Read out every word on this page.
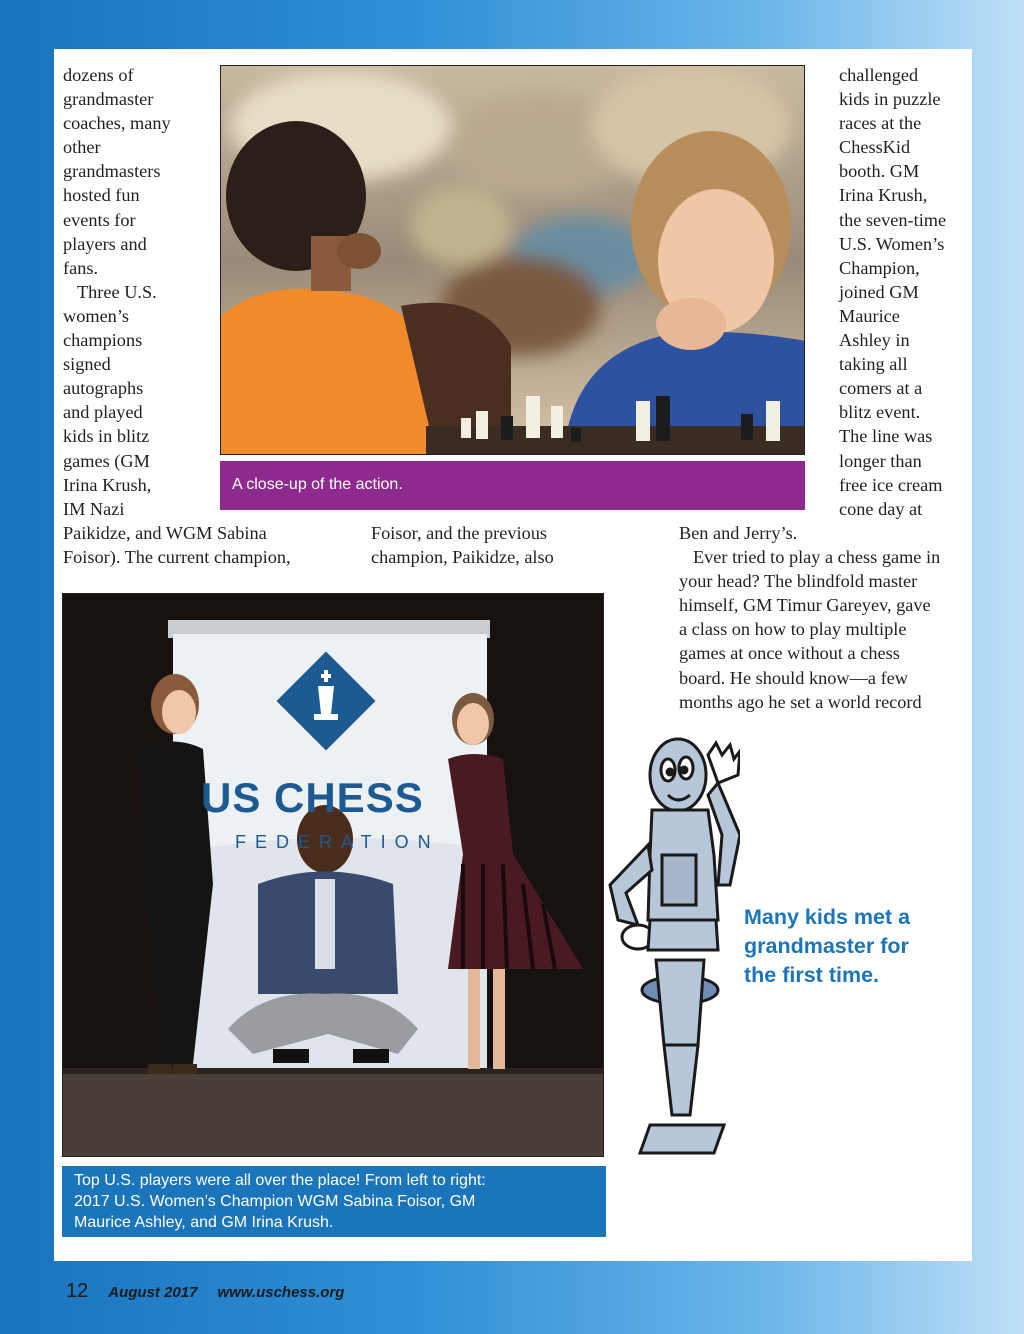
dozens of
grandmaster
coaches, many
other
grandmasters
hosted fun
events for
players and
fans.

Three U.S.
women’s
champions
signed
autographs
and played
kids in blitz
games (GM
Irina Krush,
IM Nazi

Paikidze, and WGM Sabina
Foisor). The current champion,

Foisor, and the previous
champion, Paikidze, also

challenged
kids in puzzle
races at the
ChessKid
booth. GM
Irina Krush,
the seven-time
U.S. Women’s
Champion,
joined GM
Maurice
Ashley in
taking all
comers at a
blitz event.
The line was
longer than
free ice cream
cone day at

Ben and Jerry’s.

Ever tried to play a chess game in
your head? The blindfold master
himself, GM Timur Gareyev, gave
a class on how to play multiple
games at once without a chess
board. He should know—a few
months ago he set a world record

A close-up of the action.
US CHESS
FEDERATION
Top U.S. players were all over the place! From left to right:
2017 U.S. Women’s Champion WGM Sabina Foisor, GM
Maurice Ashley, and GM Irina Krush.
Many kids met a
grandmaster for
the first time.
12 August 2017 www.uschess.org
